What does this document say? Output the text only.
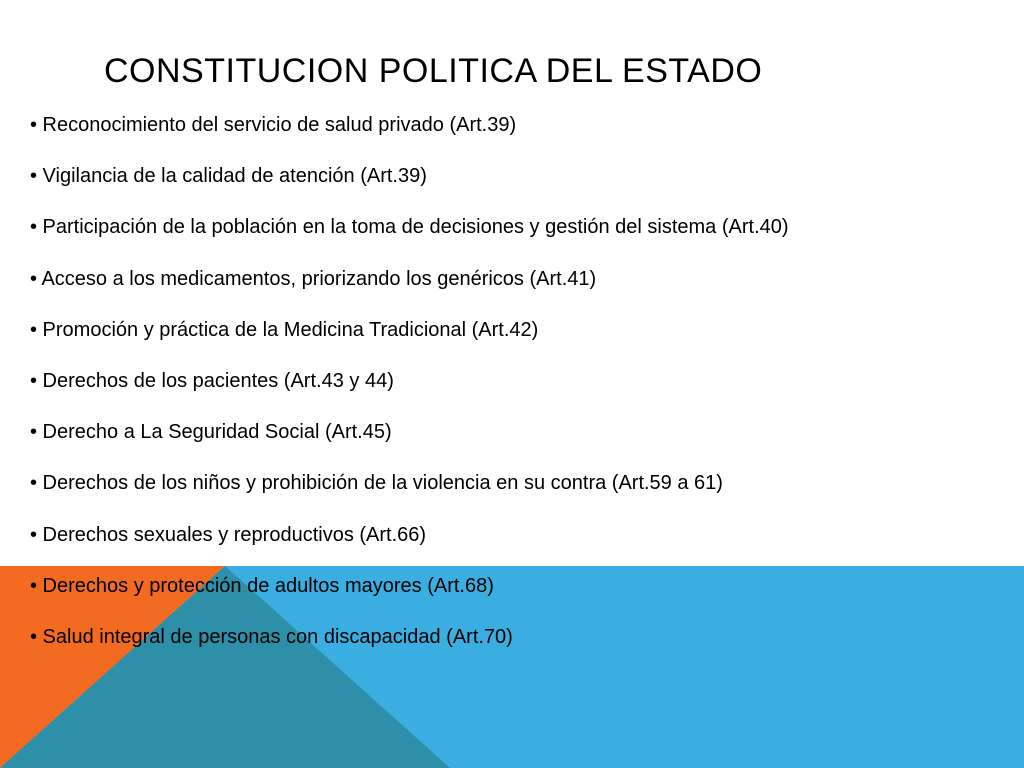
CONSTITUCION POLITICA DEL ESTADO
• Reconocimiento del servicio de salud privado (Art.39)
• Vigilancia de la calidad de atención (Art.39)
• Participación de la población en la toma de decisiones y gestión del sistema (Art.40)
• Acceso a los medicamentos, priorizando los genéricos (Art.41)
• Promoción y práctica de la Medicina Tradicional (Art.42)
• Derechos de los pacientes (Art.43 y 44)
• Derecho a La Seguridad Social (Art.45)
• Derechos de los niños y prohibición de la violencia en su contra (Art.59 a 61)
• Derechos sexuales y reproductivos (Art.66)
• Derechos y protección de adultos mayores (Art.68)
• Salud integral de personas con discapacidad (Art.70)
